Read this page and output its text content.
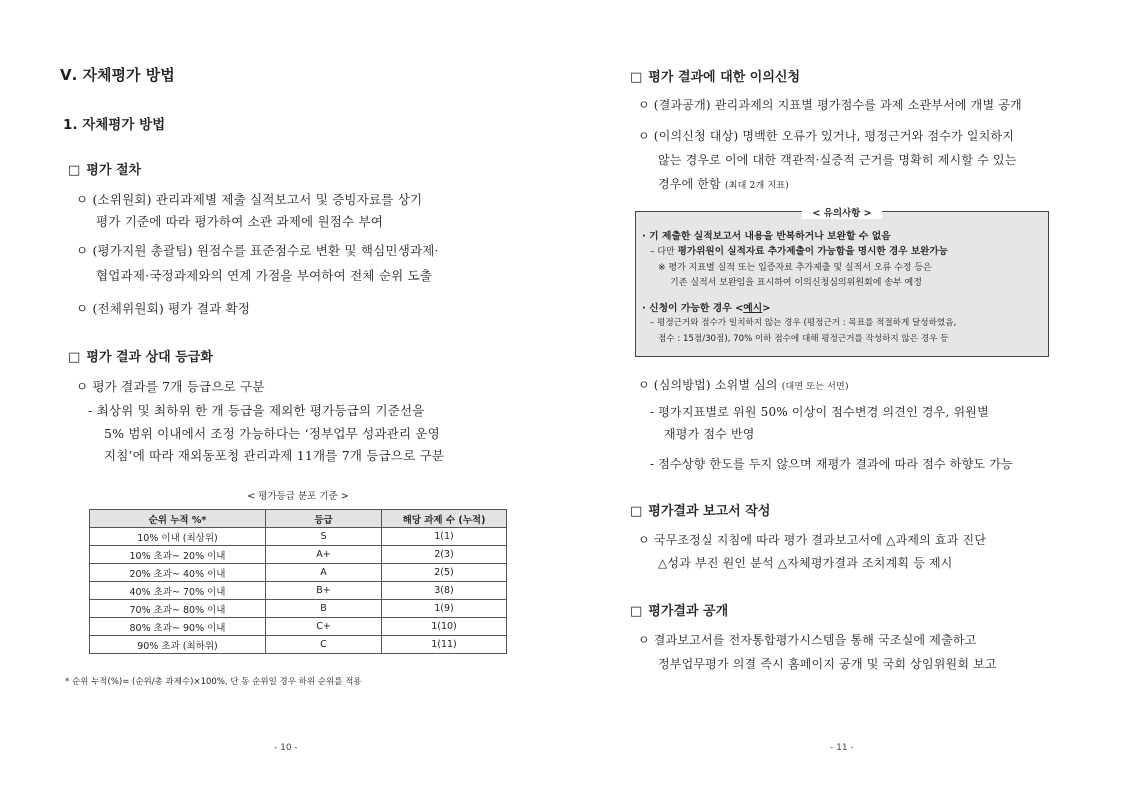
Ⅴ. 자체평가 방법
1. 자체평가 방법
□ 평가 절차
ㅇ (소위원회) 관리과제별 제출 실적보고서 및 증빙자료를 상기
평가 기준에 따라 평가하여 소관 과제에 원점수 부여
ㅇ (평가지원 총괄팀) 원점수를 표준점수로 변환 및 핵심민생과제·
협업과제·국정과제와의 연계 가점을 부여하여 전체 순위 도출
ㅇ (전체위원회) 평가 결과 확정
□ 평가 결과 상대 등급화
ㅇ 평가 결과를 7개 등급으로 구분
- 최상위 및 최하위 한 개 등급을 제외한 평가등급의 기준선을
5% 범위 이내에서 조정 가능하다는 ‘정부업무 성과관리 운영
지침’에 따라 재외동포청 관리과제 11개를 7개 등급으로 구분
< 평가등급 분포 기준 >
순위 누적 %*	등급	해당 과제 수 (누적)
10% 이내 (최상위)	S	1(1)
10% 초과~ 20% 이내	A+	2(3)
20% 초과~ 40% 이내	A	2(5)
40% 초과~ 70% 이내	B+	3(8)
70% 초과~ 80% 이내	B	1(9)
80% 초과~ 90% 이내	C+	1(10)
90% 초과 (최하위)	C	1(11)
* 순위 누적(%)= (순위/총 과제수)×100%, 단 동 순위일 경우 하위 순위를 적용
- 10 -
□ 평가 결과에 대한 이의신청
ㅇ (결과공개) 관리과제의 지표별 평가점수를 과제 소관부서에 개별 공개
ㅇ (이의신청 대상) 명백한 오류가 있거나, 평정근거와 점수가 일치하지
않는 경우로 이에 대한 객관적·실증적 근거를 명확히 제시할 수 있는
경우에 한함 (최대 2개 지표)
< 유의사항 >
· 기 제출한 실적보고서 내용을 반복하거나 보완할 수 없음
– 다만 평가위원이 실적자료 추가제출이 가능함을 명시한 경우 보완가능
※ 평가 지표별 실적 또는 입증자료 추가제출 및 실적서 오류 수정 등은
기존 실적서 보완임을 표시하여 이의신청심의위원회에 송부 예정
· 신청이 가능한 경우 <예시>
– 평정근거와 점수가 일치하지 않는 경우 (평정근거 : 목표를 적절하게 달성하였음,
점수 : 15점/30점), 70% 이하 점수에 대해 평정근거를 작성하지 않은 경우 등
ㅇ (심의방법) 소위별 심의 (대면 또는 서면)
- 평가지표별로 위원 50% 이상이 점수변경 의견인 경우, 위원별
재평가 점수 반영
- 점수상향 한도를 두지 않으며 재평가 결과에 따라 점수 하향도 가능
□ 평가결과 보고서 작성
ㅇ 국무조정실 지침에 따라 평가 결과보고서에 △과제의 효과 진단
△성과 부진 원인 분석 △자체평가결과 조치계획 등 제시
□ 평가결과 공개
ㅇ 결과보고서를 전자통합평가시스템을 통해 국조실에 제출하고
정부업무평가 의결 즉시 홈페이지 공개 및 국회 상임위원회 보고
- 11 -
